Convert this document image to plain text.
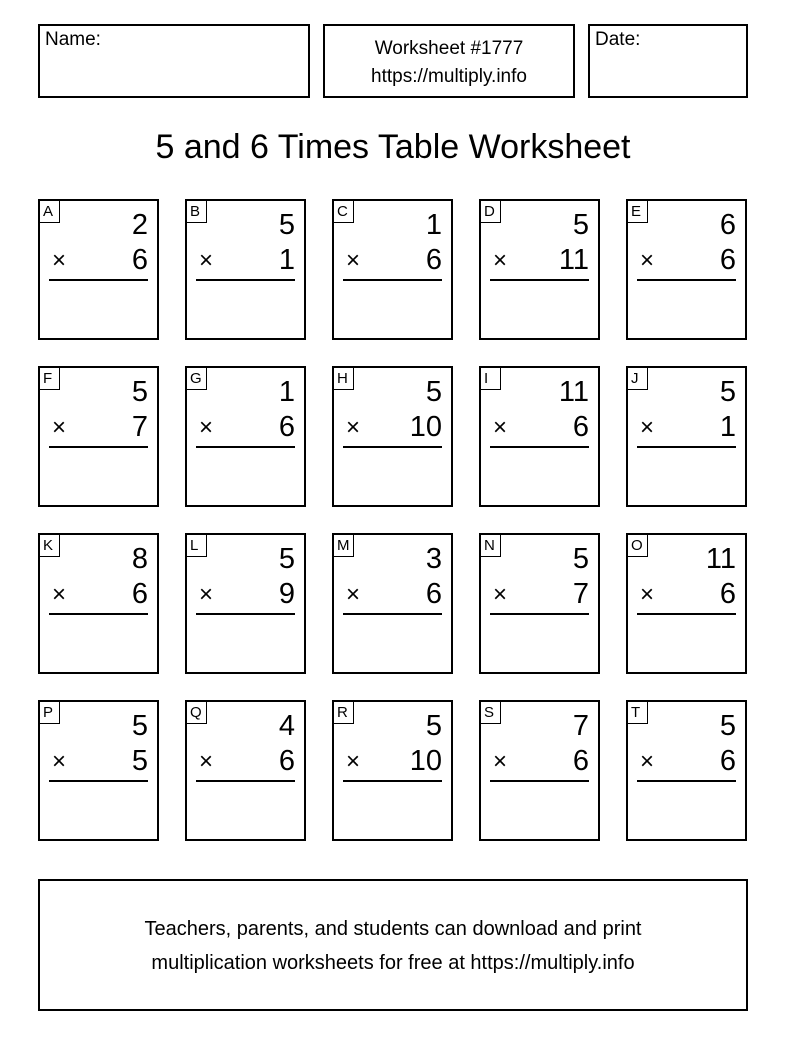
Name:	Worksheet #1777
https://multiply.info
Date:
5 and 6 Times Table Worksheet
A	2
× 6
B	5
× 1
C	1
× 6
D	5
× 11
E	6
× 6
F	5
× 7
G	1
× 6
H	5
× 10
I	11
× 6
J	5
× 1
K	8
× 6
L	5
× 9
M	3
× 6
N	5
× 7
O 11
× 6
P	5
× 5
Q	4
× 6
R	5
× 10
S	7
× 6
T	5
× 6
Teachers, parents, and students can download and print
multiplication worksheets for free at https://multiply.info
